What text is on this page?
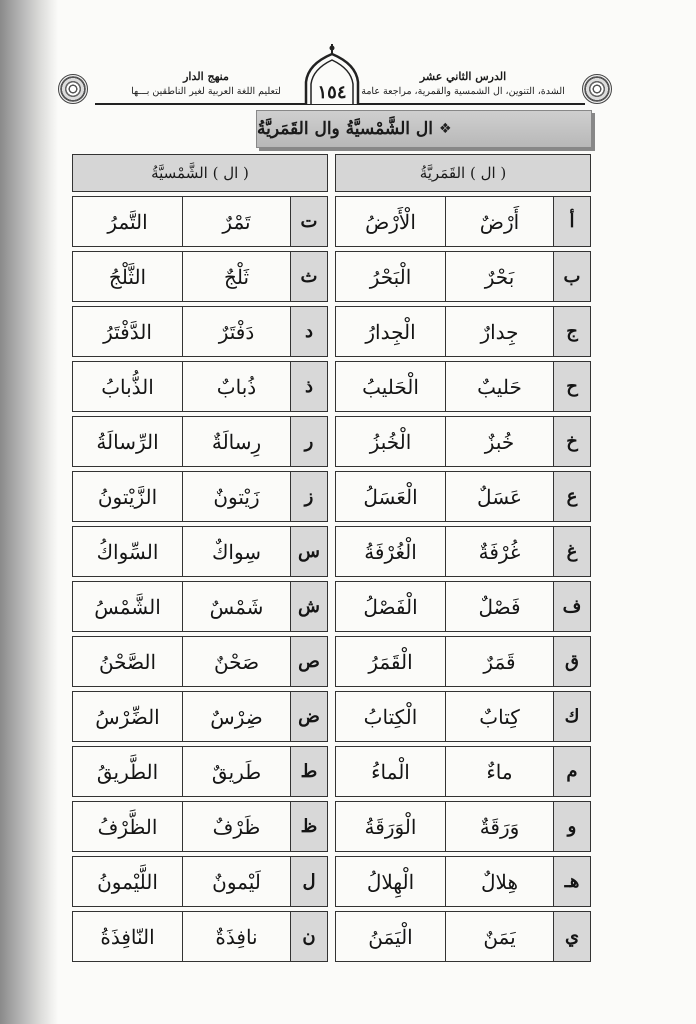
الدرس الثاني عشر
الشدة، التنوين، ال الشمسية والقمرية، مراجعة عامة
منهج الدار
لتعليم اللغة العربية لغير الناطقين بـــها	١٥٤
❖
ال الشَّمْسيَّةُ وال القَمَريَّةُ
( ال ) القَمَريَّةُ
أ
أَرْضٌ
الْأَرْضُ
ب
بَحْرٌ
الْبَحْرُ
ج
جِدارٌ
الْجِدارُ
ح
حَليبٌ
الْحَليبُ
خ
خُبزٌ
الْخُبزُ
ع
عَسَلٌ
الْعَسَلُ
غ
غُرْفَةٌ
الْغُرْفَةُ
ف
فَصْلٌ
الْفَصْلُ
ق
قَمَرٌ
الْقَمَرُ
ك
كِتابٌ
الْكِتابُ
م
ماءٌ
الْماءُ
و
وَرَقَةٌ
الْوَرَقَةُ
هـ
هِلالٌ
الْهِلالُ
ي
يَمَنٌ
الْيَمَنُ
( ال ) الشَّمْسيَّةُ
ت
تَمْرٌ
التَّمرُ
ث
ثَلْجٌ
الثَّلْجُ
د
دَفْتَرٌ
الدَّفْتَرُ
ذ
ذُبابٌ
الذُّبابُ
ر
رِسالَةٌ
الرِّسالَةُ
ز
زَيْتونٌ
الزَّيْتونُ
س
سِواكٌ
السِّواكُ
ش
شَمْسٌ
الشَّمْسُ
ص
صَحْنٌ
الصَّحْنُ
ض
ضِرْسٌ
الضِّرْسُ
ط
طَريقٌ
الطَّريقُ
ظ
ظَرْفٌ
الظَّرْفُ
ل
لَيْمونٌ
اللَّيْمونُ
ن
نافِذَةٌ
النّافِذَةُ
